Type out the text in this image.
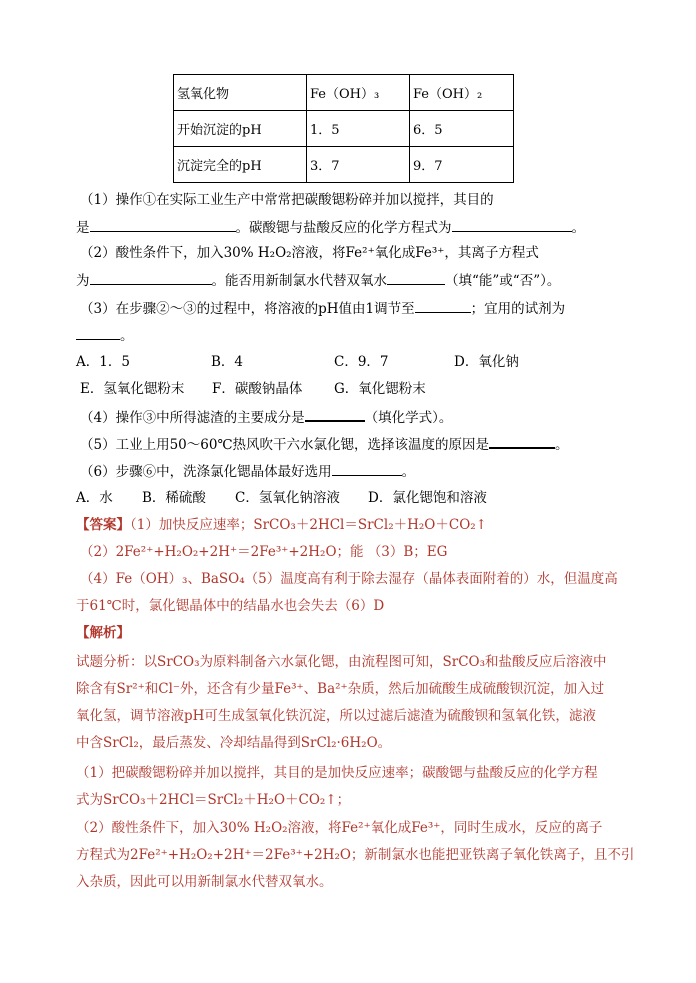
氢氧化物	Fe（OH）₃	Fe（OH）₂
开始沉淀的pH	1．5	6．5
沉淀完全的pH	3．7	9．7
（1）操作①在实际工业生产中常常把碳酸锶粉碎并加以搅拌，其目的
是	。碳酸锶与盐酸反应的化学方程式为	。
（2）酸性条件下，加入30% H₂O₂溶液，将Fe²⁺氧化成Fe³⁺，其离子方程式
为	。能否用新制氯水代替双氧水	（填“能”或“否”）。
（3）在步骤②～③的过程中，将溶液的pH值由1调节至	；宜用的试剂为
。
A．1．5	B．4	C．9．7	D．氧化钠
E．氢氧化锶粉末 F．碳酸钠晶体 G．氧化锶粉末
（4）操作③中所得滤渣的主要成分是	（填化学式）。
（5）工业上用50～60℃热风吹干六水氯化锶，选择该温度的原因是	。
（6）步骤⑥中，洗涤氯化锶晶体最好选用	。
A．水 B．稀硫酸 C．氢氧化钠溶液 D．氯化锶饱和溶液
【答案】（1）加快反应速率；SrCO₃＋2HCl＝SrCl₂＋H₂O＋CO₂↑
（2）2Fe²⁺+H₂O₂+2H⁺＝2Fe³⁺+2H₂O；能 （3）B；EG
（4）Fe（OH）₃、BaSO₄（5）温度高有利于除去湿存（晶体表面附着的）水，但温度高
于61℃时，氯化锶晶体中的结晶水也会失去（6）D
【解析】
试题分析：以SrCO₃为原料制备六水氯化锶，由流程图可知，SrCO₃和盐酸反应后溶液中
除含有Sr²⁺和Cl⁻外，还含有少量Fe³⁺、Ba²⁺杂质，然后加硫酸生成硫酸钡沉淀，加入过
氧化氢，调节溶液pH可生成氢氧化铁沉淀，所以过滤后滤渣为硫酸钡和氢氧化铁，滤液
中含SrCl₂，最后蒸发、冷却结晶得到SrCl₂·6H₂O。
（1）把碳酸锶粉碎并加以搅拌，其目的是加快反应速率；碳酸锶与盐酸反应的化学方程
式为SrCO₃＋2HCl＝SrCl₂＋H₂O＋CO₂↑；
（2）酸性条件下，加入30% H₂O₂溶液，将Fe²⁺氧化成Fe³⁺，同时生成水，反应的离子
方程式为2Fe²⁺+H₂O₂+2H⁺＝2Fe³⁺+2H₂O；新制氯水也能把亚铁离子氧化铁离子，且不引
入杂质，因此可以用新制氯水代替双氧水。
